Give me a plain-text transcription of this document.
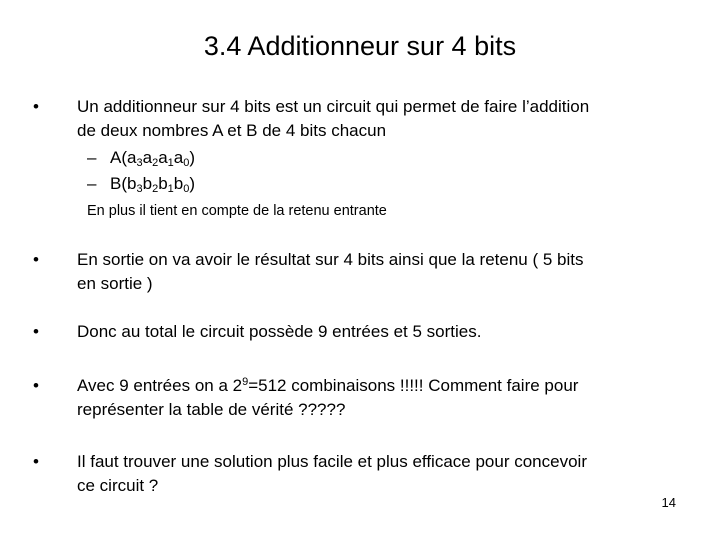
3.4 Additionneur sur 4 bits
• Un additionneur sur 4 bits est un circuit qui permet de faire l’addition
de deux nombres A et B de 4 bits chacun
– $A(a_3a_2a_1a_0)$
– $B(b_3b_2b_1b_0)$
En plus il tient en compte de la retenu entrante
• En sortie on va avoir le résultat sur 4 bits ainsi que la retenu ( 5 bits
en sortie )
• Donc au total le circuit possède 9 entrées et 5 sorties.
• Avec 9 entrées on a $2^9=512$ combinaisons !!!!! Comment faire pour
représenter la table de vérité ?????
• Il faut trouver une solution plus facile et plus efficace pour concevoir
ce circuit ?
14
